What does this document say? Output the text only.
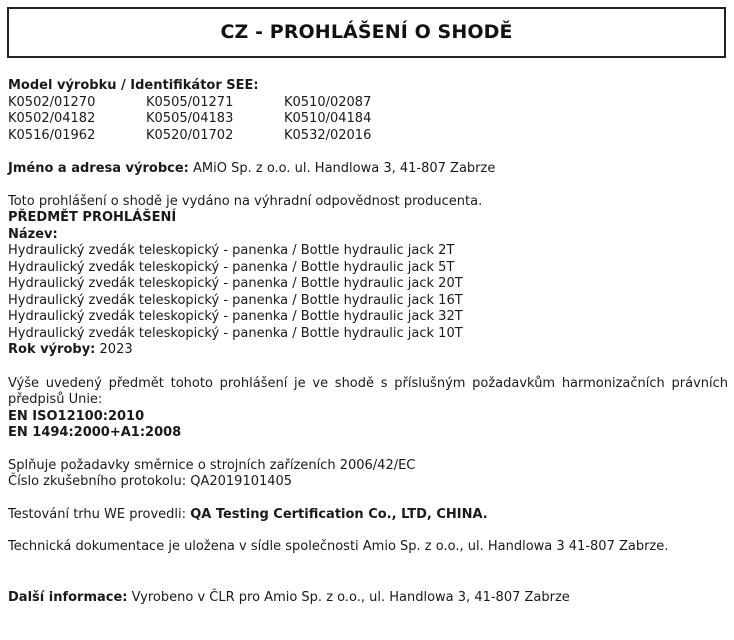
CZ - PROHLÁŠENÍ O SHODĚ
Model výrobku / Identifikátor SEE:
K0502/01270	K0505/01271	K0510/02087
K0502/04182	K0505/04183	K0510/04184
K0516/01962	K0520/01702	K0532/02016
Jméno a adresa výrobce: AMiO Sp. z o.o. ul. Handlowa 3, 41-807 Zabrze
Toto prohlášení o shodě je vydáno na výhradní odpovědnost producenta.
PŘEDMĚT PROHLÁŠENÍ
Název:
Hydraulický zvedák teleskopický - panenka / Bottle hydraulic jack 2T
Hydraulický zvedák teleskopický - panenka / Bottle hydraulic jack 5T
Hydraulický zvedák teleskopický - panenka / Bottle hydraulic jack 20T
Hydraulický zvedák teleskopický - panenka / Bottle hydraulic jack 16T
Hydraulický zvedák teleskopický - panenka / Bottle hydraulic jack 32T
Hydraulický zvedák teleskopický - panenka / Bottle hydraulic jack 10T
Rok výroby: 2023
Výše uvedený předmět tohoto prohlášení je ve shodě s příslušným požadavkům harmonizačních právních předpisů Unie:
EN ISO12100:2010
EN 1494:2000+A1:2008
Splňuje požadavky směrnice o strojních zařízeních 2006/42/EC
Číslo zkušebního protokolu: QA2019101405
Testování trhu WE provedli: QA Testing Certification Co., LTD, CHINA.
Technická dokumentace je uložena v sídle společnosti Amio Sp. z o.o., ul. Handlowa 3 41-807 Zabrze.
Další informace: Vyrobeno v ČLR pro Amio Sp. z o.o., ul. Handlowa 3, 41-807 Zabrze
